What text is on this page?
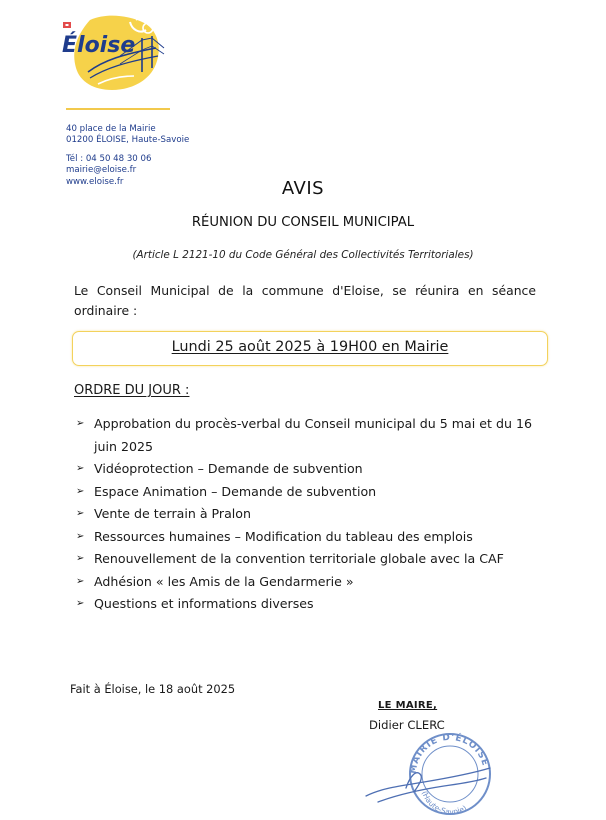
Éloise
40 place de la Mairie
01200 ÉLOISE, Haute-Savoie
Tél : 04 50 48 30 06
mairie@eloise.fr
www.eloise.fr	AVIS
RÉUNION DU CONSEIL MUNICIPAL
(Article L 2121-10 du Code Général des Collectivités Territoriales)
Le Conseil Municipal de la commune d'Eloise, se réunira en séance ordinaire :
Lundi 25 août 2025 à 19H00 en Mairie
ORDRE DU JOUR :
➢ Approbation du procès-verbal du Conseil municipal du 5 mai et du 16 juin 2025
➢ Vidéoprotection – Demande de subvention
➢ Espace Animation – Demande de subvention
➢ Vente de terrain à Pralon
➢ Ressources humaines – Modification du tableau des emplois
➢ Renouvellement de la convention territoriale globale avec la CAF
➢ Adhésion « les Amis de la Gendarmerie »
➢ Questions et informations diverses
Fait à Éloise, le 18 août 2025
LE MAIRE,
Didier CLERC
MAIRIE D'ÉLOISE
(Haute-Savoie)
